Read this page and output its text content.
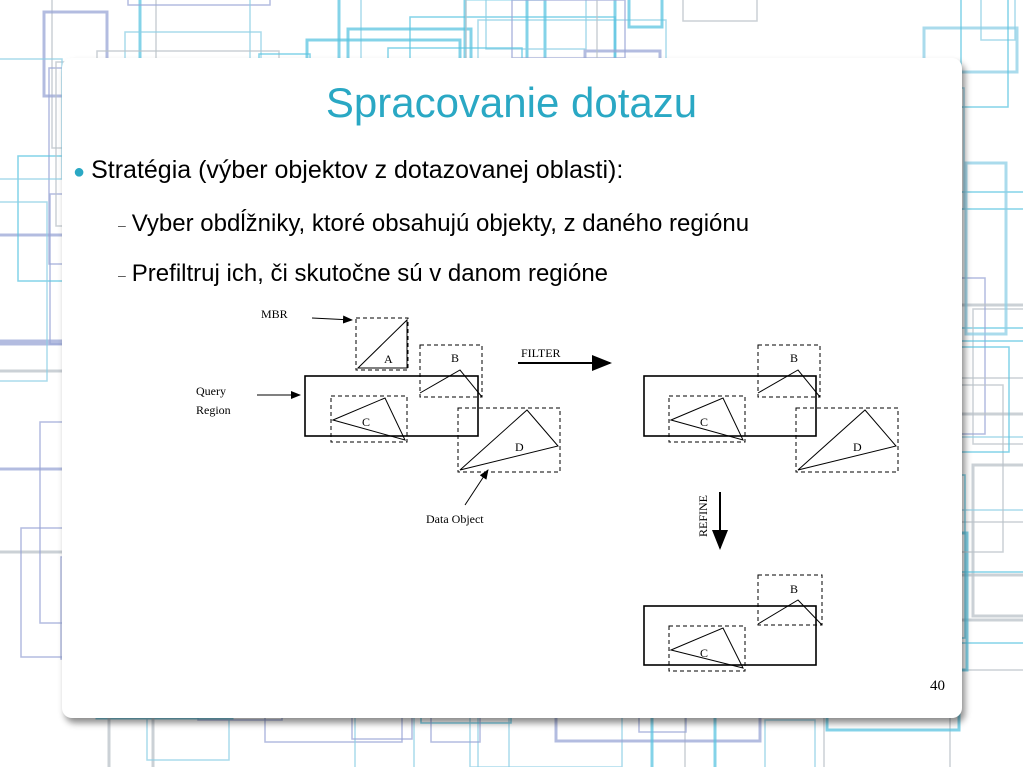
Spracovanie dotazu
● Stratégia (výber objektov z dotazovanej oblasti):
– Vyber obdĺžniky, ktoré obsahujú objekty, z daného regiónu
– Prefiltruj ich, či skutočne sú v danom regióne
MBR
Query
Region
Data Object
FILTER
REFINE
A	B
C
D
B
C
D
B
C
40
